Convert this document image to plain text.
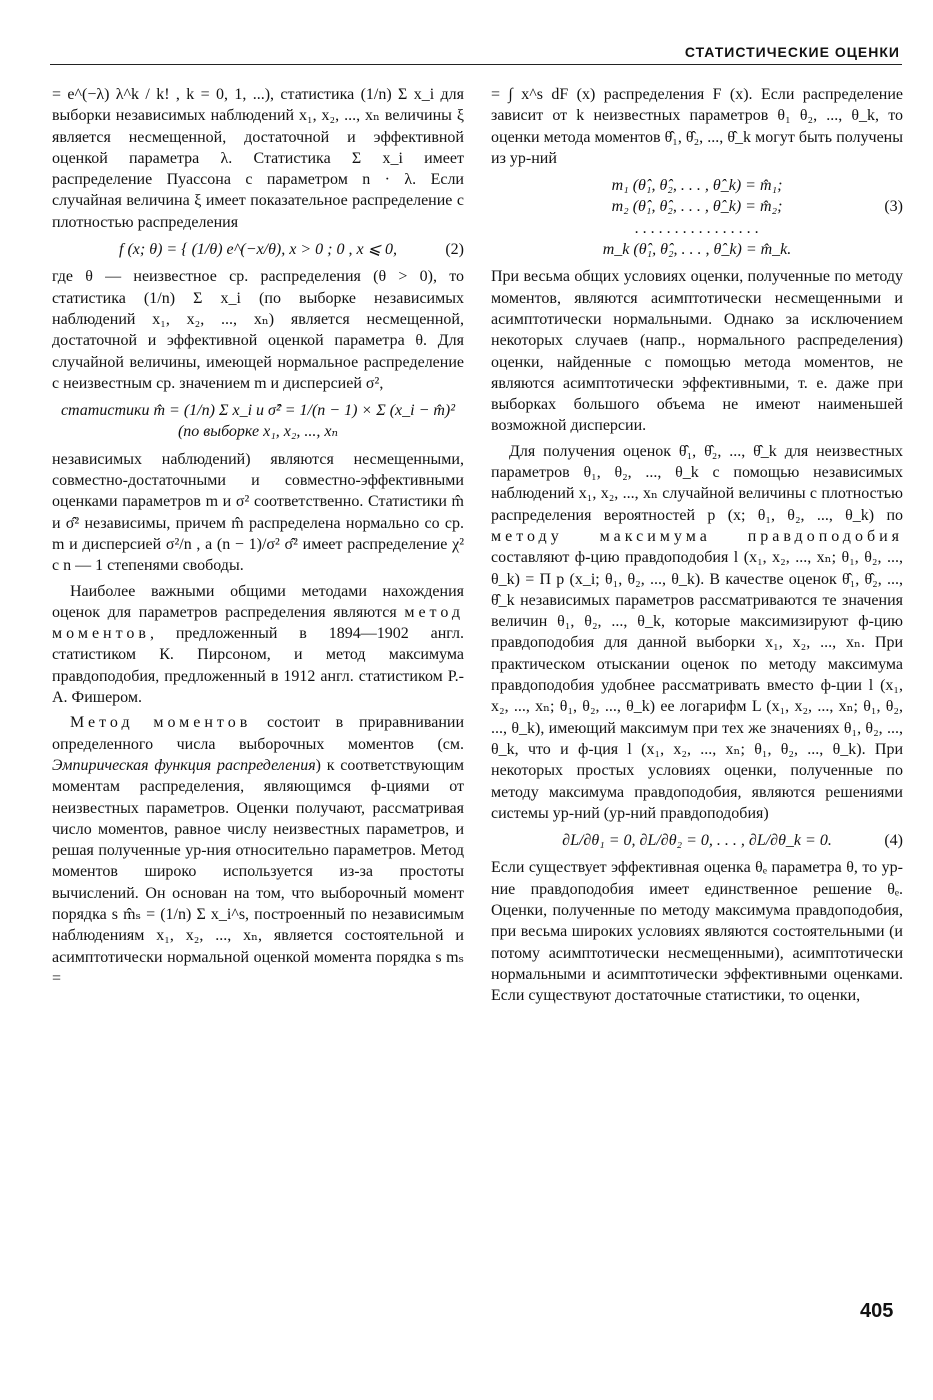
СТАТИСТИЧЕСКИЕ ОЦЕНКИ

= e^(−λ) λ^k / k! , k = 0, 1, ...), статистика (1/n) Σ x_i для выборки независимых наблюдений x₁, x₂, ..., xₙ величины ξ является несмещенной, достаточной и эффективной оценкой параметра λ. Статистика Σ x_i имеет распределение Пуассона с параметром n · λ. Если случайная величина ξ имеет показательное распределение с плотностью распределения

f (x; θ) = { (1/θ) e^(−x/θ), x > 0 ; 0 , x ⩽ 0,	(2)

где θ — неизвестное ср. распределения (θ > 0), то статистика (1/n) Σ x_i (по выборке независимых наблюдений x₁, x₂, ..., xₙ) является несмещенной, достаточной и эффективной оценкой параметра θ. Для случайной величины, имеющей нормальное распределение с неизвестным ср. значением m и дисперсией σ²,

статистики m̂ = (1/n) Σ x_i и σ̂² = 1/(n − 1) × Σ (x_i − m̂)² (по выборке x₁, x₂, ..., xₙ

независимых наблюдений) являются несмещенными, совместно-достаточными и совместно-эффективными оценками параметров m и σ² соответственно. Статистики m̂ и σ̂² независимы, причем m̂ распределена нормально со ср. m и дисперсией σ²/n , а (n − 1)/σ² σ̂² имеет распределение χ² с n — 1 степенями свободы.

Наиболее важными общими методами нахождения оценок для параметров распределения являются метод моментов, предложенный в 1894—1902 англ. статистиком К. Пирсоном, и метод максимума правдоподобия, предложенный в 1912 англ. статистиком Р.-А. Фишером.

Метод моментов состоит в приравнивании определенного числа выборочных моментов (см. Эмпирическая функция распределения) к соответствующим моментам распределения, являющимся ф-циями от неизвестных параметров. Оценки получают, рассматривая число моментов, равное числу неизвестных параметров, и решая полученные ур-ния относительно параметров. Метод моментов широко используется из-за простоты вычислений. Он основан на том, что выборочный момент порядка s m̂ₛ = (1/n) Σ x_i^s, построенный по независимым наблюдениям x₁, x₂, ..., xₙ, является состоятельной и асимптотически нормальной оценкой момента порядка s mₛ =

= ∫ x^s dF (x) распределения F (x). Если распределение зависит от k неизвестных параметров θ₁ θ₂, ..., θ_k, то оценки метода моментов θ̂₁, θ̂₂, ..., θ̂_k могут быть получены из ур-ний

m₁ (θ̂₁, θ̂₂, . . . , θ̂_k) = m̂₁;
m₂ (θ̂₁, θ̂₂, . . . , θ̂_k) = m̂₂;	(3)
. . . . . . . . . . . . . . . .
m_k (θ̂₁, θ̂₂, . . . , θ̂_k) = m̂_k.

При весьма общих условиях оценки, полученные по методу моментов, являются асимптотически несмещенными и асимптотически нормальными. Однако за исключением некоторых случаев (напр., нормального распределения) оценки, найденные с помощью метода моментов, не являются асимптотически эффективными, т. е. даже при выборках большого объема не имеют наименьшей возможной дисперсии.

Для получения оценок θ̂₁, θ̂₂, ..., θ̂_k для неизвестных параметров θ₁, θ₂, ..., θ_k с помощью независимых наблюдений x₁, x₂, ..., xₙ случайной величины с плотностью распределения вероятностей p (x; θ₁, θ₂, ..., θ_k) по методу максимума правдоподобия составляют ф-цию правдоподобия l (x₁, x₂, ..., xₙ; θ₁, θ₂, ..., θ_k) = Π p (x_i; θ₁, θ₂, ..., θ_k). В качестве оценок θ̂₁, θ̂₂, ..., θ̂_k независимых параметров рассматриваются те значения величин θ₁, θ₂, ..., θ_k, которые максимизируют ф-цию правдоподобия для данной выборки x₁, x₂, ..., xₙ. При практическом отыскании оценок по методу максимума правдоподобия удобнее рассматривать вместо ф-ции l (x₁, x₂, ..., xₙ; θ₁, θ₂, ..., θ_k) ее логарифм L (x₁, x₂, ..., xₙ; θ₁, θ₂, ..., θ_k), имеющий максимум при тех же значениях θ₁, θ₂, ..., θ_k, что и ф-ция l (x₁, x₂, ..., xₙ; θ₁, θ₂, ..., θ_k). При некоторых простых условиях оценки, полученные по методу максимума правдоподобия, являются решениями системы ур-ний (ур-ний правдоподобия)

∂L/∂θ₁ = 0, ∂L/∂θ₂ = 0, . . . , ∂L/∂θ_k = 0.	(4)

Если существует эффективная оценка θₑ параметра θ, то ур-ние правдоподобия имеет единственное решение θₑ. Оценки, полученные по методу максимума правдоподобия, при весьма широких условиях являются состоятельными (и потому асимптотически несмещенными), асимптотически нормальными и асимптотически эффективными оценками. Если существуют достаточные статистики, то оценки,

405
